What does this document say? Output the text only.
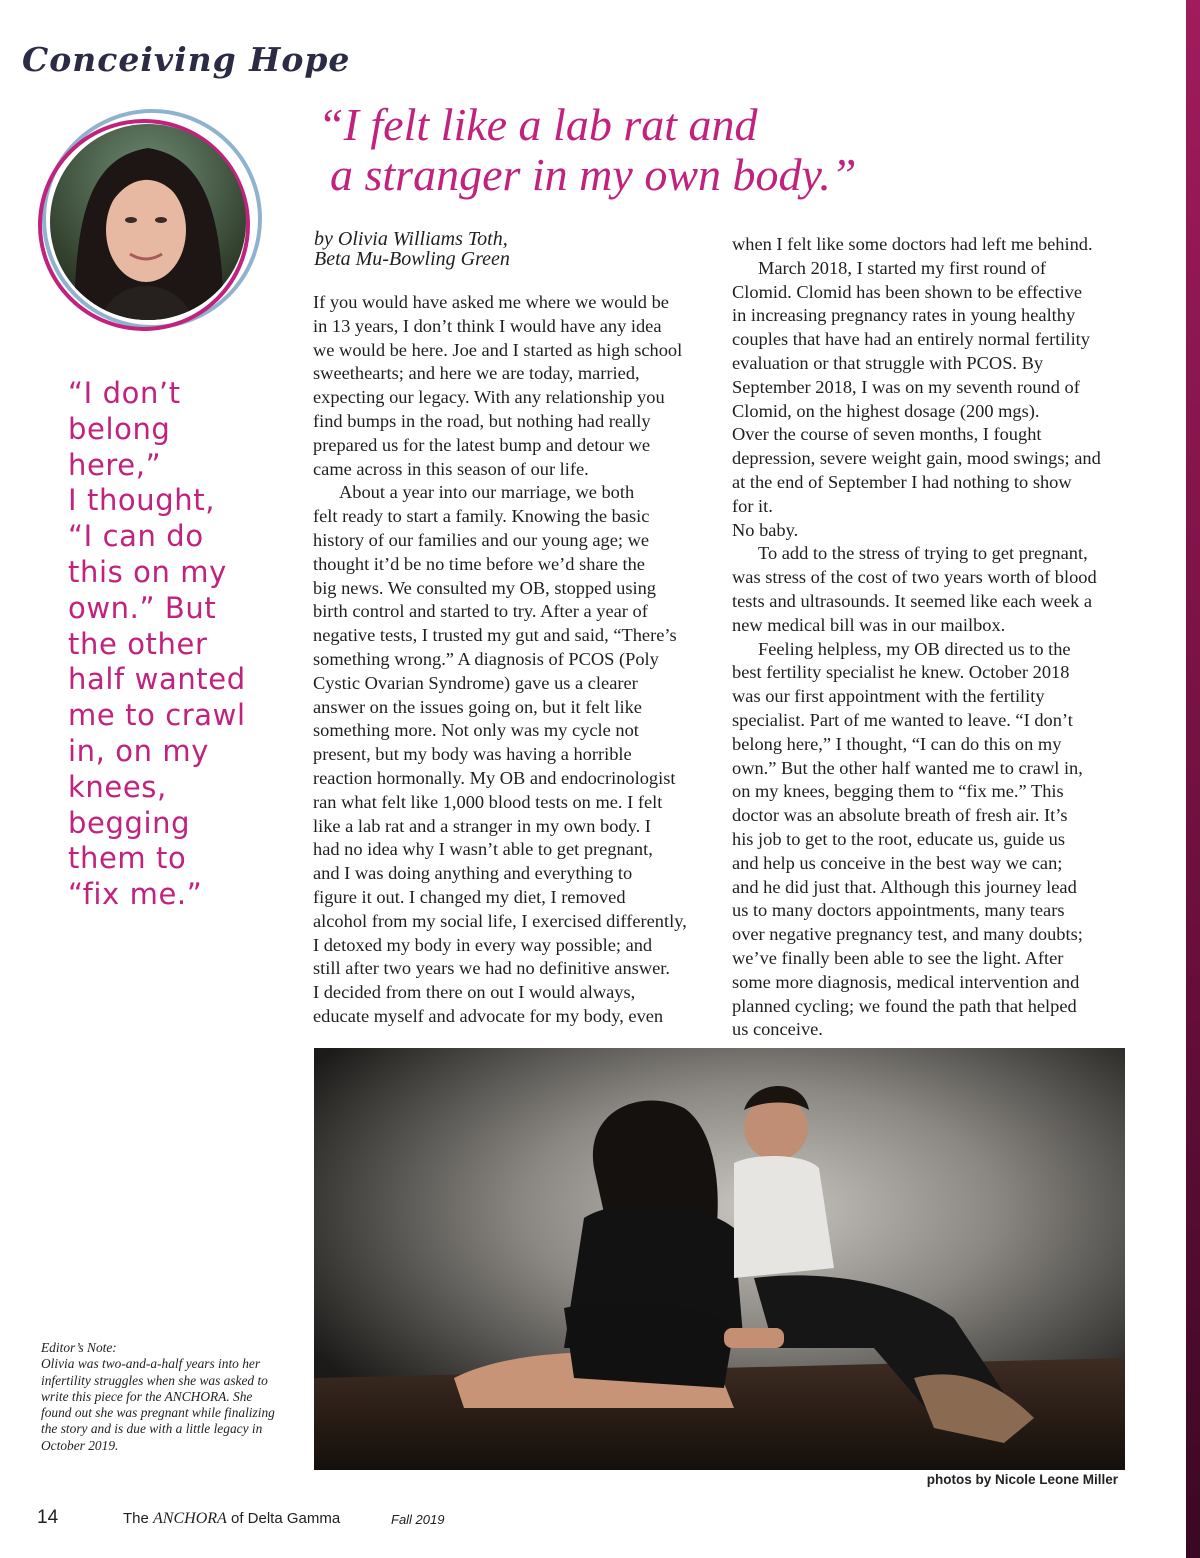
Conceiving Hope
“I felt like a lab rat and
a stranger in my own body.”
by Olivia Williams Toth,
Beta Mu-Bowling Green
“I don’t
belong
here,”
I thought,
“I can do
this on my
own.” But
the other
half wanted
me to crawl
in, on my
knees,
begging
them to
“fix me.”
If you would have asked me where we would be
in 13 years, I don’t think I would have any idea
we would be here. Joe and I started as high school
sweethearts; and here we are today, married,
expecting our legacy. With any relationship you
find bumps in the road, but nothing had really
prepared us for the latest bump and detour we
came across in this season of our life.
About a year into our marriage, we both
felt ready to start a family. Knowing the basic
history of our families and our young age; we
thought it’d be no time before we’d share the
big news. We consulted my OB, stopped using
birth control and started to try. After a year of
negative tests, I trusted my gut and said, “There’s
something wrong.” A diagnosis of PCOS (Poly
Cystic Ovarian Syndrome) gave us a clearer
answer on the issues going on, but it felt like
something more. Not only was my cycle not
present, but my body was having a horrible
reaction hormonally. My OB and endocrinologist
ran what felt like 1,000 blood tests on me. I felt
like a lab rat and a stranger in my own body. I
had no idea why I wasn’t able to get pregnant,
and I was doing anything and everything to
figure it out. I changed my diet, I removed
alcohol from my social life, I exercised differently,
I detoxed my body in every way possible; and
still after two years we had no definitive answer.
I decided from there on out I would always,
educate myself and advocate for my body, even
when I felt like some doctors had left me behind.
March 2018, I started my first round of
Clomid. Clomid has been shown to be effective
in increasing pregnancy rates in young healthy
couples that have had an entirely normal fertility
evaluation or that struggle with PCOS. By
September 2018, I was on my seventh round of
Clomid, on the highest dosage (200 mgs).
Over the course of seven months, I fought
depression, severe weight gain, mood swings; and
at the end of September I had nothing to show
for it.
No baby.
To add to the stress of trying to get pregnant,
was stress of the cost of two years worth of blood
tests and ultrasounds. It seemed like each week a
new medical bill was in our mailbox.
Feeling helpless, my OB directed us to the
best fertility specialist he knew. October 2018
was our first appointment with the fertility
specialist. Part of me wanted to leave. “I don’t
belong here,” I thought, “I can do this on my
own.” But the other half wanted me to crawl in,
on my knees, begging them to “fix me.” This
doctor was an absolute breath of fresh air. It’s
his job to get to the root, educate us, guide us
and help us conceive in the best way we can;
and he did just that. Although this journey lead
us to many doctors appointments, many tears
over negative pregnancy test, and many doubts;
we’ve finally been able to see the light. After
some more diagnosis, medical intervention and
planned cycling; we found the path that helped
us conceive.
photos by Nicole Leone Miller
Editor’s Note:
Olivia was two-and-a-half years into her
infertility struggles when she was asked to
write this piece for the ANCHORA. She
found out she was pregnant while finalizing
the story and is due with a little legacy in
October 2019.
14	The ANCHORA of Delta Gamma	Fall 2019
